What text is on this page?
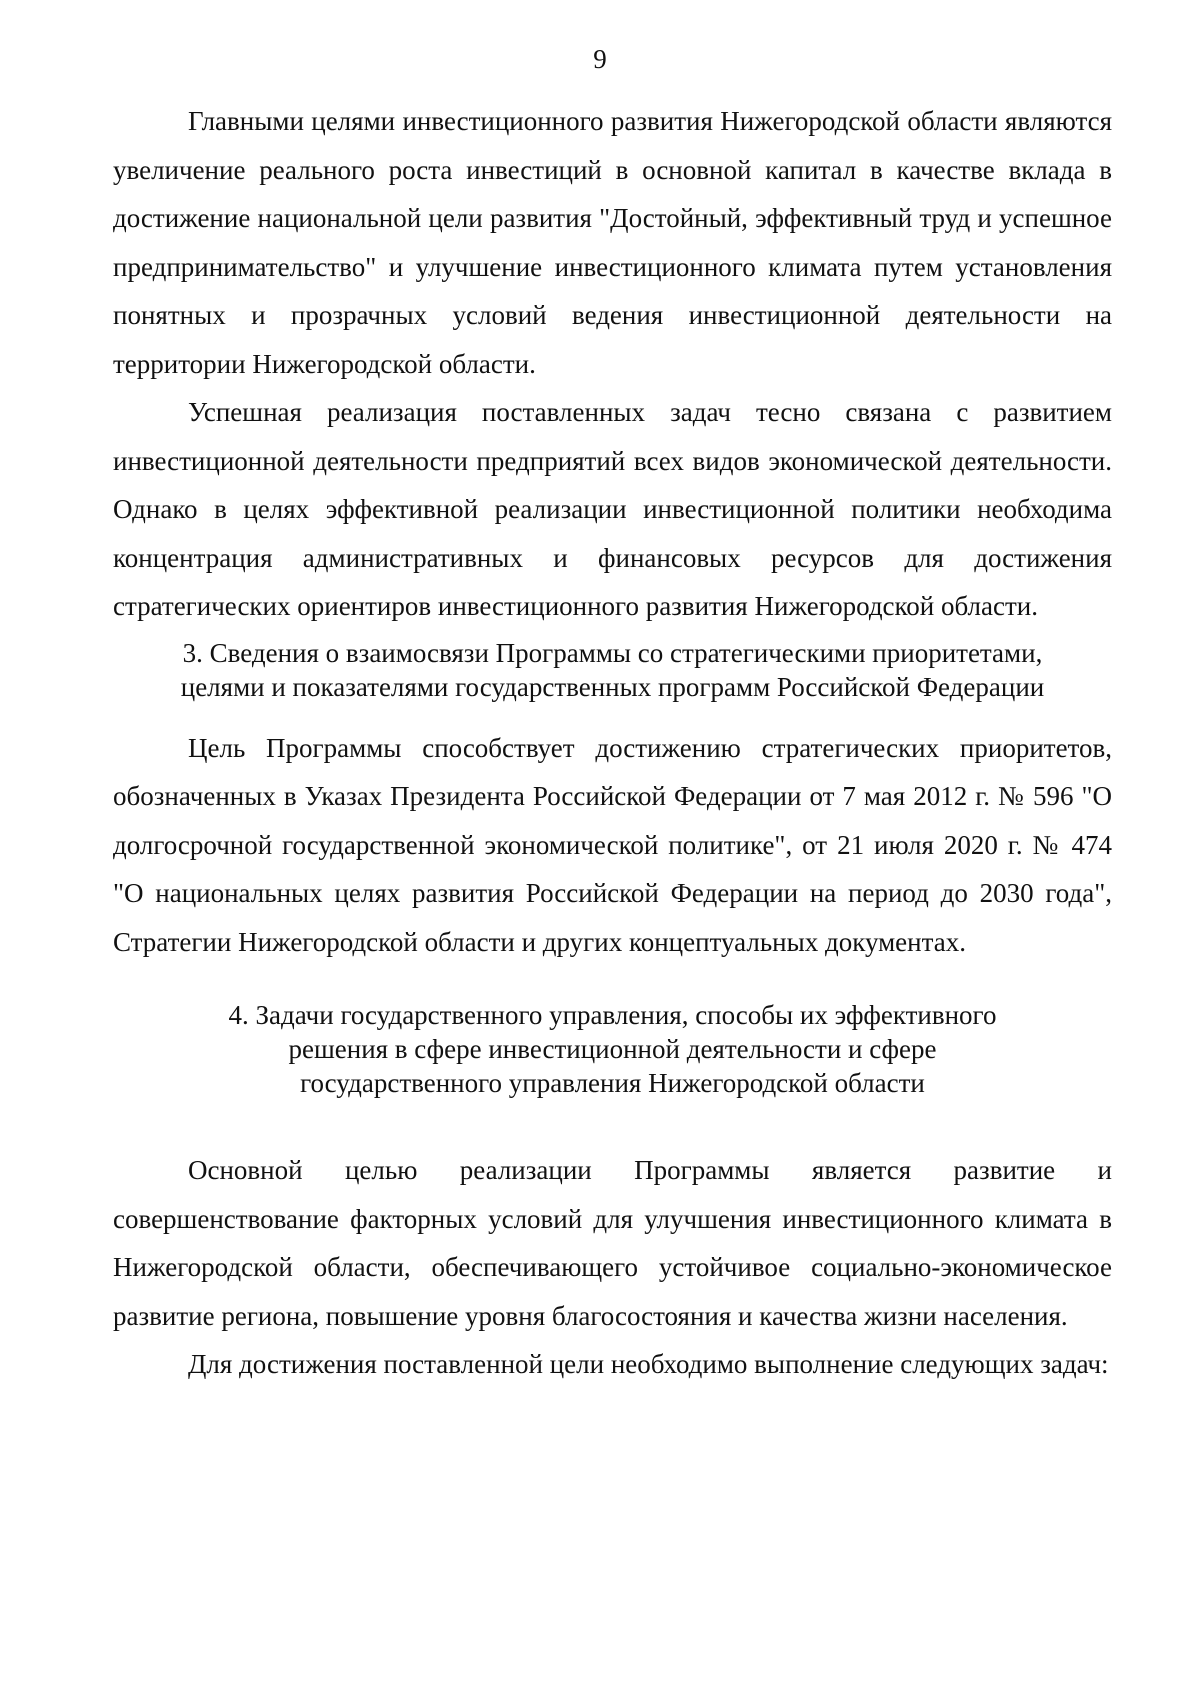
9

Главными целями инвестиционного развития Нижегородской области являются увеличение реального роста инвестиций в основной капитал в качестве вклада в достижение национальной цели развития "Достойный, эффективный труд и успешное предпринимательство" и улучшение инвестиционного климата путем установления понятных и прозрачных условий ведения инвестиционной деятельности на территории Нижегородской области.

Успешная реализация поставленных задач тесно связана с развитием инвестиционной деятельности предприятий всех видов экономической деятельности. Однако в целях эффективной реализации инвестиционной политики необходима концентрация административных и финансовых ресурсов для достижения стратегических ориентиров инвестиционного развития Нижегородской области.

3. Сведения о взаимосвязи Программы со стратегическими приоритетами,
целями и показателями государственных программ Российской Федерации

Цель Программы способствует достижению стратегических приоритетов, обозначенных в Указах Президента Российской Федерации от 7 мая 2012 г. № 596 "О долгосрочной государственной экономической политике", от 21 июля 2020 г. № 474 "О национальных целях развития Российской Федерации на период до 2030 года", Стратегии Нижегородской области и других концептуальных документах.

4. Задачи государственного управления, способы их эффективного
решения в сфере инвестиционной деятельности и сфере
государственного управления Нижегородской области

Основной целью реализации Программы является развитие и совершенствование факторных условий для улучшения инвестиционного климата в Нижегородской области, обеспечивающего устойчивое социально-экономическое развитие региона, повышение уровня благосостояния и качества жизни населения.

Для достижения поставленной цели необходимо выполнение следующих задач:
